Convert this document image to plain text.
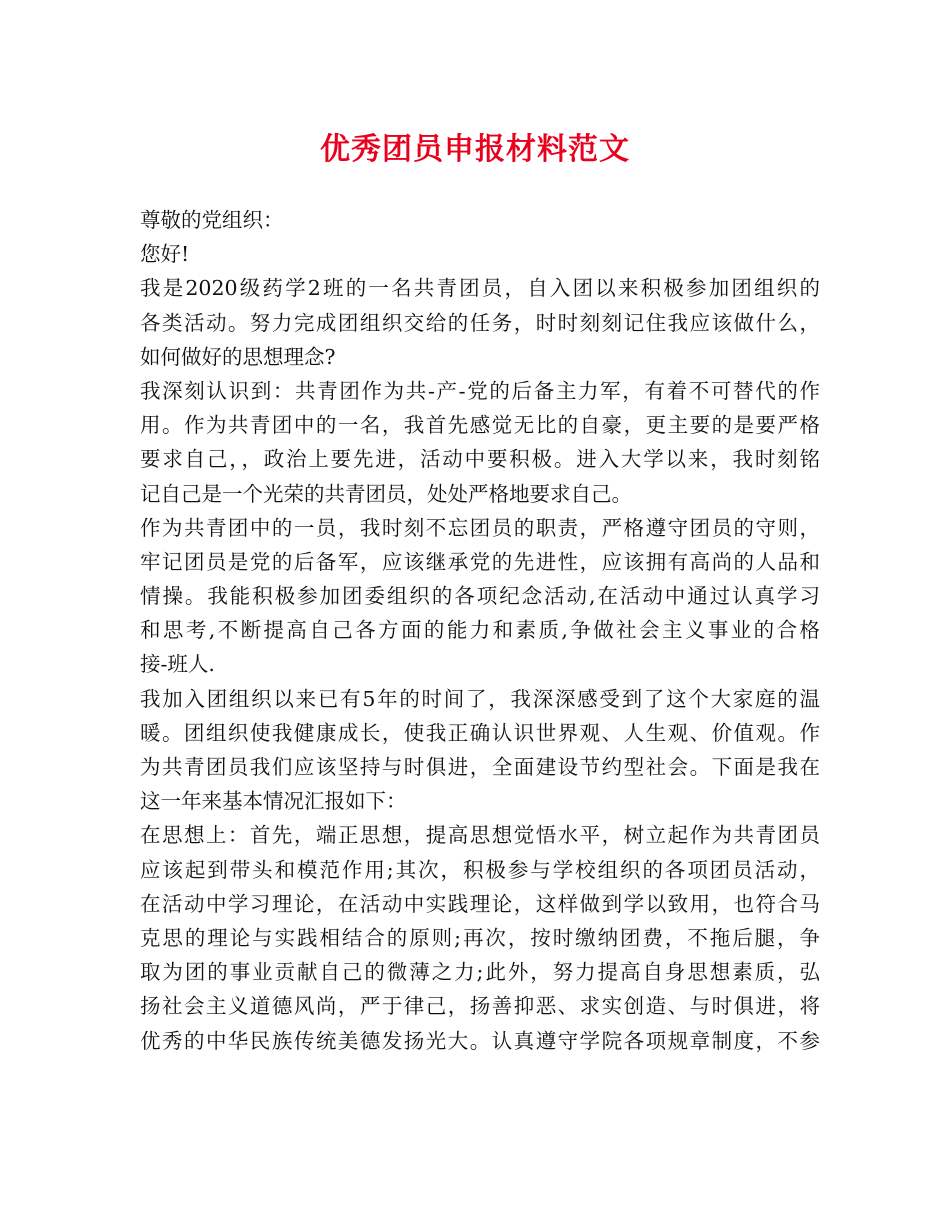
优秀团员申报材料范文
尊敬的党组织：
您好!
我是2020级药学2班的一名共青团员，自入团以来积极参加团组织的
各类活动。努力完成团组织交给的任务，时时刻刻记住我应该做什么，
如何做好的思想理念?
我深刻认识到：共青团作为共-产-党的后备主力军，有着不可替代的作
用。作为共青团中的一名，我首先感觉无比的自豪，更主要的是要严格
要求自己，，政治上要先进，活动中要积极。进入大学以来，我时刻铭
记自己是一个光荣的共青团员，处处严格地要求自己。
作为共青团中的一员，我时刻不忘团员的职责，严格遵守团员的守则，
牢记团员是党的后备军，应该继承党的先进性，应该拥有高尚的人品和
情操。我能积极参加团委组织的各项纪念活动,在活动中通过认真学习
和思考,不断提高自己各方面的能力和素质,争做社会主义事业的合格
接-班人.
我加入团组织以来已有5年的时间了，我深深感受到了这个大家庭的温
暖。团组织使我健康成长，使我正确认识世界观、人生观、价值观。作
为共青团员我们应该坚持与时俱进，全面建设节约型社会。下面是我在
这一年来基本情况汇报如下：
在思想上：首先，端正思想，提高思想觉悟水平，树立起作为共青团员
应该起到带头和模范作用;其次，积极参与学校组织的各项团员活动，
在活动中学习理论，在活动中实践理论，这样做到学以致用，也符合马
克思的理论与实践相结合的原则;再次，按时缴纳团费，不拖后腿，争
取为团的事业贡献自己的微薄之力;此外，努力提高自身思想素质，弘
扬社会主义道德风尚，严于律己，扬善抑恶、求实创造、与时俱进，将
优秀的中华民族传统美德发扬光大。认真遵守学院各项规章制度，不参
